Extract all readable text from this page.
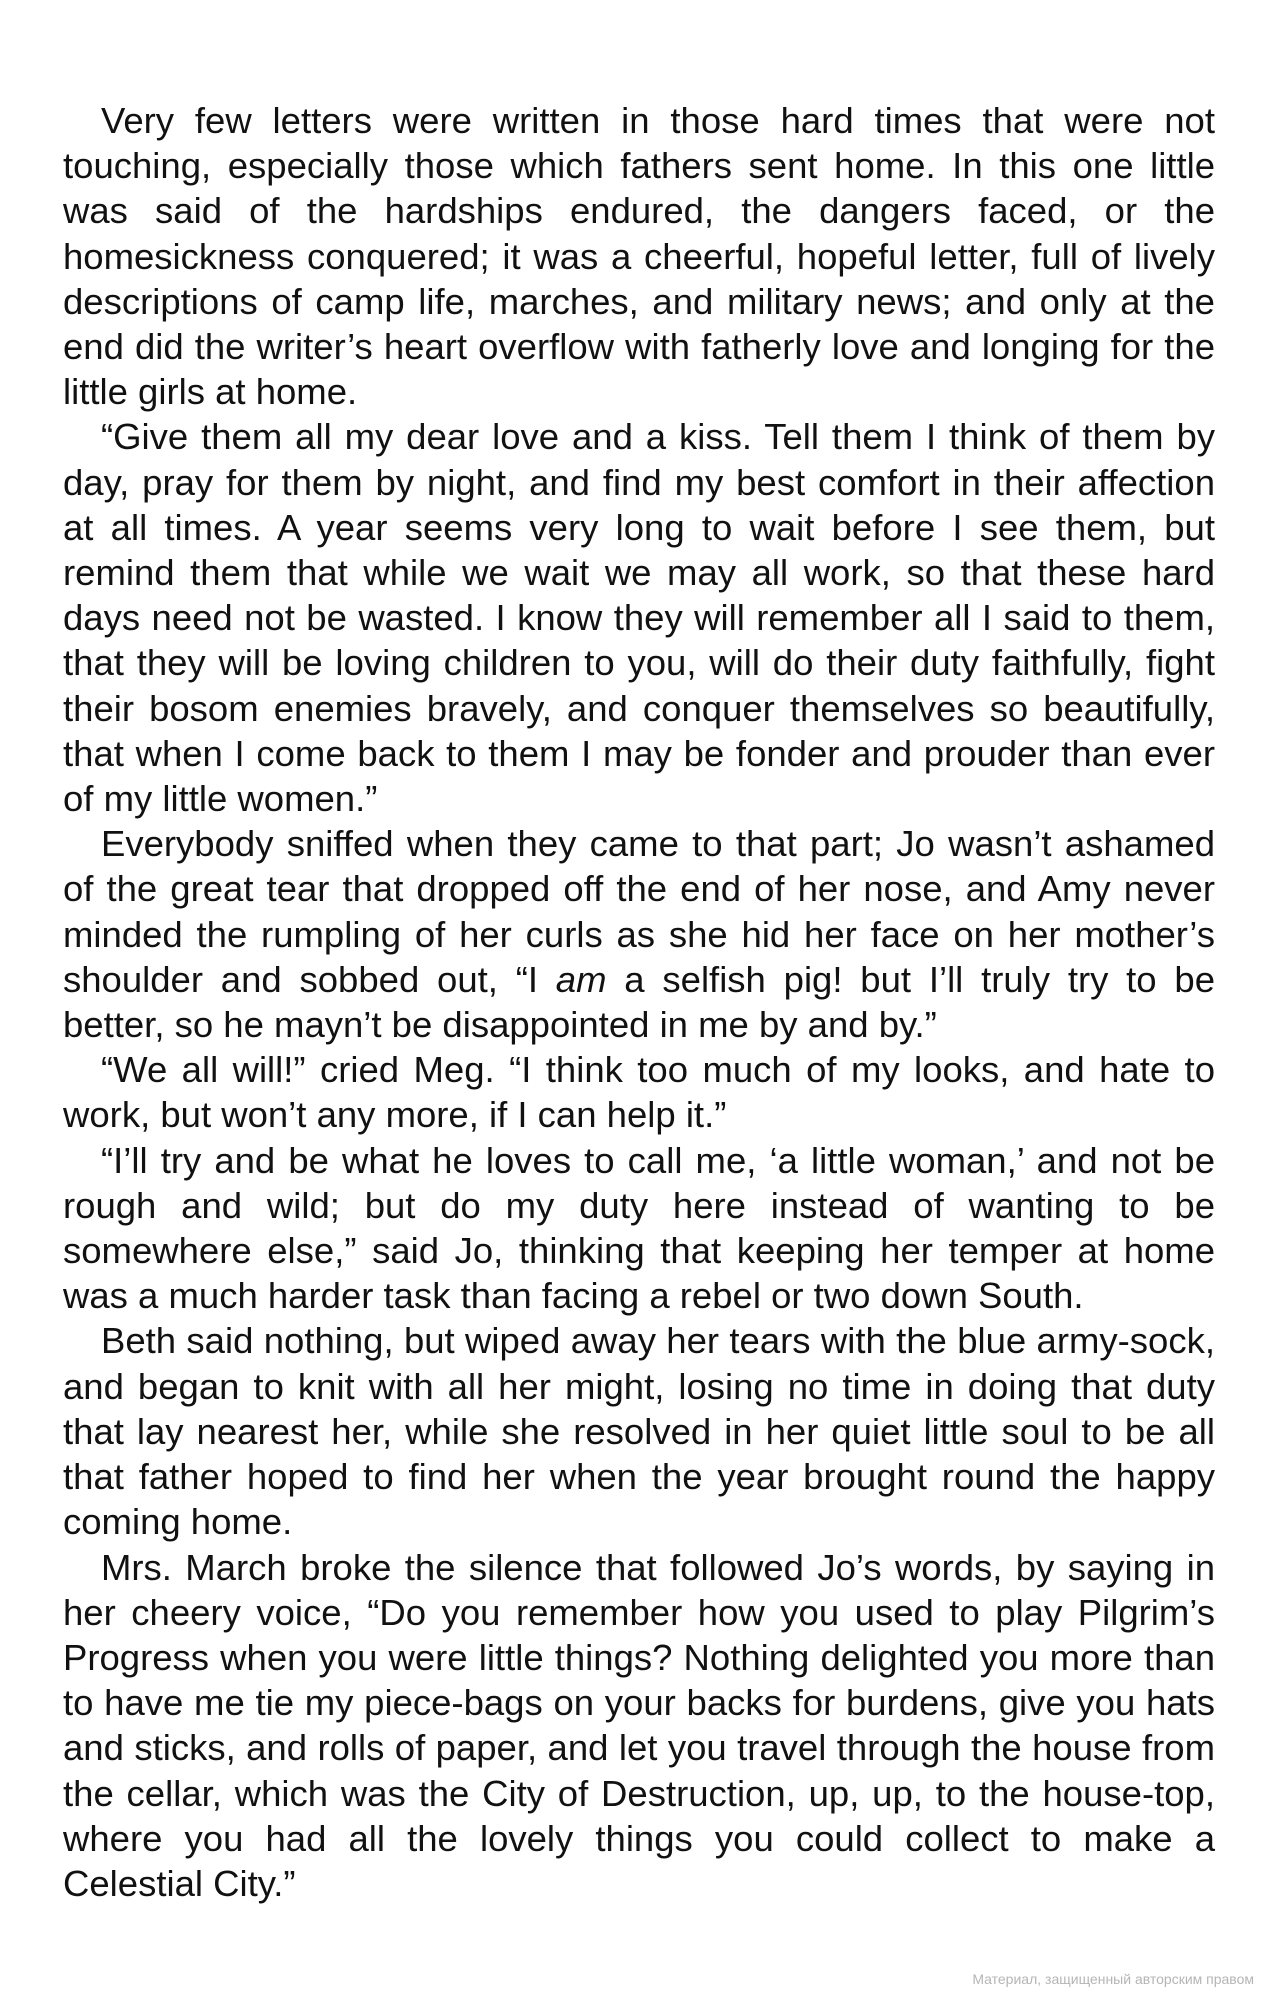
Very few letters were written in those hard times that were not touching, especially those which fathers sent home. In this one little was said of the hardships endured, the dangers faced, or the homesickness conquered; it was a cheerful, hopeful letter, full of lively descriptions of camp life, marches, and military news; and only at the end did the writer’s heart overflow with fatherly love and longing for the little girls at home.

“Give them all my dear love and a kiss. Tell them I think of them by day, pray for them by night, and find my best comfort in their affection at all times. A year seems very long to wait before I see them, but remind them that while we wait we may all work, so that these hard days need not be wasted. I know they will remember all I said to them, that they will be loving children to you, will do their duty faithfully, fight their bosom enemies bravely, and conquer themselves so beautifully, that when I come back to them I may be fonder and prouder than ever of my little women.”

Everybody sniffed when they came to that part; Jo wasn’t ashamed of the great tear that dropped off the end of her nose, and Amy never minded the rumpling of her curls as she hid her face on her mother’s shoulder and sobbed out, “I am a selfish pig! but I’ll truly try to be better, so he mayn’t be disappointed in me by and by.”

“We all will!” cried Meg. “I think too much of my looks, and hate to work, but won’t any more, if I can help it.”

“I’ll try and be what he loves to call me, ‘a little woman,’ and not be rough and wild; but do my duty here instead of wanting to be somewhere else,” said Jo, thinking that keeping her temper at home was a much harder task than facing a rebel or two down South.

Beth said nothing, but wiped away her tears with the blue army-sock, and began to knit with all her might, losing no time in doing that duty that lay nearest her, while she resolved in her quiet little soul to be all that father hoped to find her when the year brought round the happy coming home.

Mrs. March broke the silence that followed Jo’s words, by saying in her cheery voice, “Do you remember how you used to play Pilgrim’s Progress when you were little things? Nothing delighted you more than to have me tie my piece-bags on your backs for burdens, give you hats and sticks, and rolls of paper, and let you travel through the house from the cellar, which was the City of Destruction, up, up, to the house-top, where you had all the lovely things you could collect to make a Celestial City.”

Материал, защищенный авторским правом
